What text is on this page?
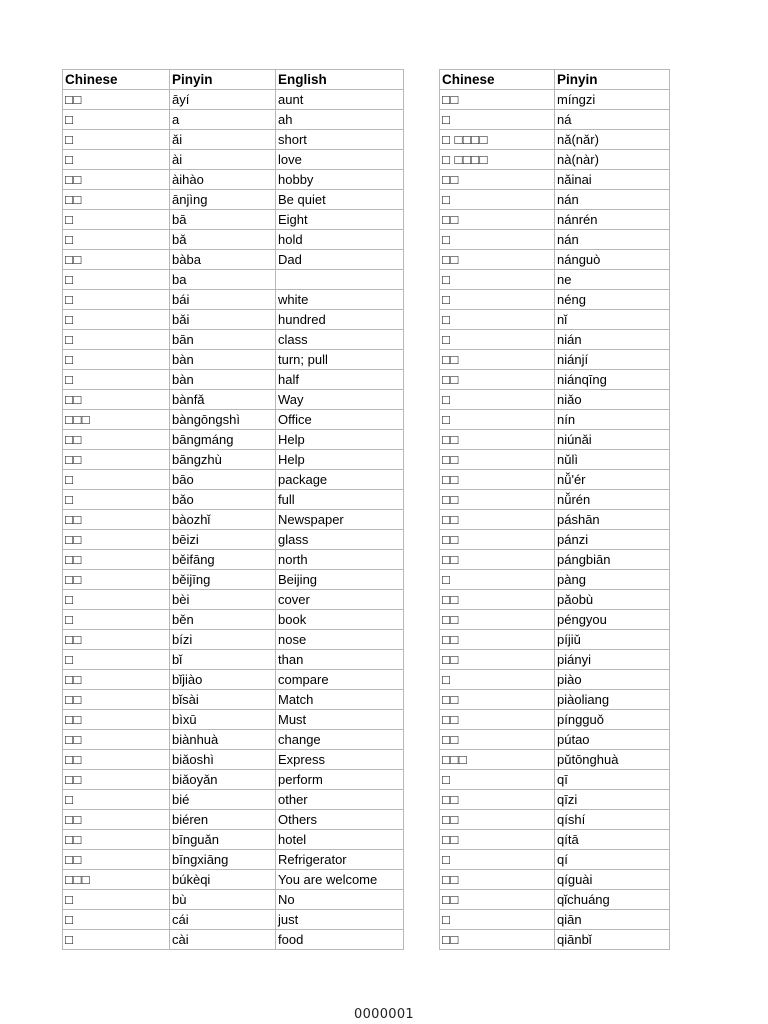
Chinese	Pinyin	English
□□	āyí	aunt
□	a	ah
□	ǎi	short
□	ài	love
□□	àihào	hobby
□□	ānjìng	Be quiet
□	bā	Eight
□	bǎ	hold
□□	bàba	Dad
□	ba	
□	bái	white
□	bǎi	hundred
□	bān	class
□	bàn	turn; pull
□	bàn	half
□□	bànfǎ	Way
□□□	bàngōngshì	Office
□□	bāngmáng	Help
□□	bāngzhù	Help
□	bāo	package
□	bǎo	full
□□	bàozhǐ	Newspaper
□□	bēizi	glass
□□	běifāng	north
□□	běijīng	Beijing
□	bèi	cover
□	běn	book
□□	bízi	nose
□	bǐ	than
□□	bǐjiào	compare
□□	bǐsài	Match
□□	bìxū	Must
□□	biànhuà	change
□□	biǎoshì	Express
□□	biǎoyǎn	perform
□	bié	other
□□	biéren	Others
□□	bīnguǎn	hotel
□□	bīngxiāng	Refrigerator
□□□	búkèqi	You are welcome
□	bù	No
□	cái	just
□	cài	food
Chinese	Pinyin
□□	míngzi
□	ná
□ □□□□	nǎ(nǎr)
□ □□□□	nà(nàr)
□□	nǎinai
□	nán
□□	nánrén
□	nán
□□	nánguò
□	ne
□	néng
□	nǐ
□	nián
□□	niánjí
□□	niánqīng
□	niǎo
□	nín
□□	niúnǎi
□□	nǔlì
□□	nǚ'ér
□□	nǚrén
□□	páshān
□□	pánzi
□□	pángbiān
□	pàng
□□	pǎobù
□□	péngyou
□□	píjiǔ
□□	piányi
□	piào
□□	piàoliang
□□	píngguǒ
□□	pútao
□□□	pǔtōnghuà
□	qī
□□	qīzi
□□	qíshí
□□	qítā
□	qí
□□	qíguài
□□	qǐchuáng
□	qiān
□□	qiānbǐ
0000001
